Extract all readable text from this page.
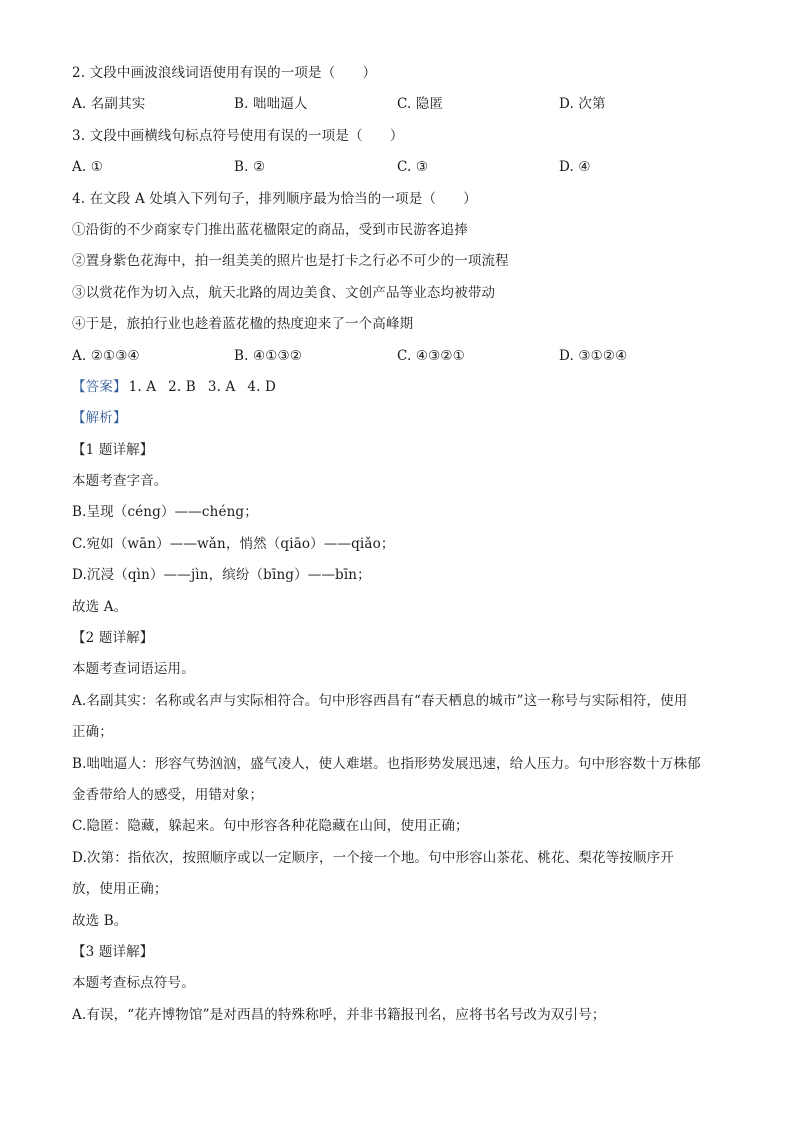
2. 文段中画波浪线词语使用有误的一项是（　　）
A. 名副其实	B. 咄咄逼人	C. 隐匿	D. 次第
3. 文段中画横线句标点符号使用有误的一项是（　　）
A. ①	B. ②	C. ③	D. ④
4. 在文段 A 处填入下列句子，排列顺序最为恰当的一项是（　　）
①沿街的不少商家专门推出蓝花楹限定的商品，受到市民游客追捧
②置身紫色花海中，拍一组美美的照片也是打卡之行必不可少的一项流程
③以赏花作为切入点，航天北路的周边美食、文创产品等业态均被带动
④于是，旅拍行业也趁着蓝花楹的热度迎来了一个高峰期
A. ②①③④	B. ④①③②	C. ④③②①	D. ③①②④
【答案】 1. A 2. B 3. A 4. D
【解析】
【1 题详解】
本题考查字音。
B.呈现（céng）——chéng；
C.宛如（wān）——wǎn，悄然（qiāo）——qiǎo；
D.沉浸（qìn）——jìn，缤纷（bīng）——bīn；
故选 A。
【2 题详解】
本题考查词语运用。
A.名副其实：名称或名声与实际相符合。句中形容西昌有“春天栖息的城市”这一称号与实际相符，使用
正确；
B.咄咄逼人：形容气势汹汹，盛气凌人，使人难堪。也指形势发展迅速，给人压力。句中形容数十万株郁
金香带给人的感受，用错对象；
C.隐匿：隐藏，躲起来。句中形容各种花隐藏在山间，使用正确；
D.次第：指依次，按照顺序或以一定顺序，一个接一个地。句中形容山茶花、桃花、梨花等按顺序开
放，使用正确；
故选 B。
【3 题详解】
本题考查标点符号。
A.有误，“花卉博物馆”是对西昌的特殊称呼，并非书籍报刊名，应将书名号改为双引号；
